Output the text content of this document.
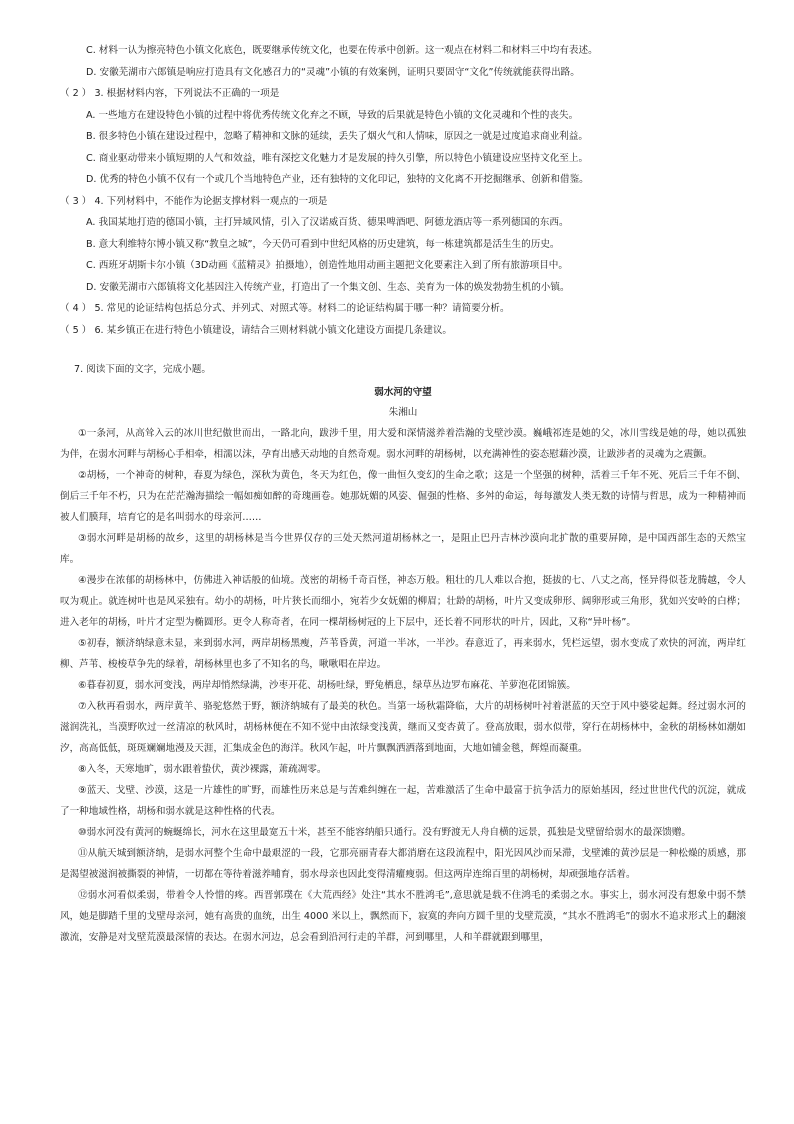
C. 材料一认为擦亮特色小镇文化底色，既要继承传统文化，也要在传承中创新。这一观点在材料二和材料三中均有表述。
D. 安徽芜湖市六郎镇是响应打造具有文化感召力的“灵魂”小镇的有效案例，证明只要固守“文化”传统就能获得出路。
（ 2 ） 3. 根据材料内容，下列说法不正确的一项是
A. 一些地方在建设特色小镇的过程中将优秀传统文化弃之不顾，导致的后果就是特色小镇的文化灵魂和个性的丧失。
B. 很多特色小镇在建设过程中，忽略了精神和文脉的延续，丢失了烟火气和人情味，原因之一就是过度追求商业利益。
C. 商业驱动带来小镇短期的人气和效益，唯有深挖文化魅力才是发展的持久引擎，所以特色小镇建设应坚持文化至上。
D. 优秀的特色小镇不仅有一个或几个当地特色产业，还有独特的文化印记，独特的文化离不开挖掘继承、创新和借鉴。
（ 3 ） 4. 下列材料中，不能作为论据支撑材料一观点的一项是
A. 我国某地打造的德国小镇，主打异域风情，引入了汉诺威百货、德果啤酒吧、阿德龙酒店等一系列德国的东西。
B. 意大利维特尔博小镇又称“教皇之城”，今天仍可看到中世纪风格的历史建筑，每一栋建筑都是活生生的历史。
C. 西班牙胡斯卡尔小镇（3D动画《蓝精灵》拍摄地），创造性地用动画主题把文化要素注入到了所有旅游项目中。
D. 安徽芜湖市六郎镇将文化基因注入传统产业，打造出了一个集文创、生态、美育为一体的焕发勃勃生机的小镇。
（ 4 ） 5. 常见的论证结构包括总分式、并列式、对照式等。材料二的论证结构属于哪一种？请简要分析。
（ 5 ） 6. 某乡镇正在进行特色小镇建设，请结合三则材料就小镇文化建设方面提几条建议。
7. 阅读下面的文字，完成小题。
弱水河的守望
朱湘山

①一条河，从高耸入云的冰川世纪傲世而出，一路北向，跋涉千里，用大爱和深情滋养着浩瀚的戈壁沙漠。巍峨祁连是她的父，冰川雪线是她的母，她以孤独为伴，在弱水河畔与胡杨心手相牵，相濡以沫，孕育出感天动地的自然奇观。弱水河畔的胡杨树，以充满神性的姿态慰藉沙漠，让跋涉者的灵魂为之震颤。

②胡杨，一个神奇的树种，春夏为绿色，深秋为黄色，冬天为红色，像一曲恒久变幻的生命之歌；这是一个坚强的树种，活着三千年不死、死后三千年不倒、倒后三千年不朽，只为在茫茫瀚海描绘一幅如痴如醉的奇瑰画卷。她那妩媚的风姿、倔强的性格、多舛的命运，每每激发人类无数的诗情与哲思，成为一种精神而被人们膜拜，培育它的是名叫弱水的母亲河……

③弱水河畔是胡杨的故乡，这里的胡杨林是当今世界仅存的三处天然河道胡杨林之一，是阻止巴丹吉林沙漠向北扩散的重要屏障，是中国西部生态的天然宝库。

④漫步在浓郁的胡杨林中，仿佛进入神话般的仙境。茂密的胡杨千奇百怪，神态万般。粗壮的几人难以合抱，挺拔的七、八丈之高，怪异得似苍龙腾越，令人叹为观止。就连树叶也是风采独有。幼小的胡杨，叶片狭长而细小，宛若少女妩媚的柳眉；壮龄的胡杨，叶片又变成卵形、阔卵形或三角形，犹如兴安岭的白桦；进入老年的胡杨，叶片才定型为椭圆形。更令人称奇者，在同一棵胡杨树冠的上下层中，还长着不同形状的叶片，因此，又称“异叶杨”。

⑤初春，额济纳绿意未显，来到弱水河，两岸胡杨黑瘦，芦苇昏黄，河道一半冰，一半沙。春意近了，再来弱水，凭栏远望，弱水变成了欢快的河流，两岸红柳、芦苇、梭梭草争先的绿着，胡杨林里也多了不知名的鸟，啾啾唱在岸边。

⑥暮春初夏，弱水河变浅，两岸却悄然绿满，沙枣开花、胡杨吐绿，野兔栖息，绿草丛边罗布麻花、羊萝泡花团锦簇。

⑦入秋再看弱水，两岸黄羊、骆驼悠然于野，额济纳城有了最美的秋色。当第一场秋霜降临，大片的胡杨树叶衬着湛蓝的天空于风中婆娑起舞。经过弱水河的滋润洗礼，当漠野吹过一丝清凉的秋风时，胡杨林便在不知不觉中由浓绿变浅黄，继而又变杏黄了。登高放眼，弱水似带，穿行在胡杨林中，金秋的胡杨林如潮如汐，高高低低，斑斑斓斓地漫及天涯，汇集成金色的海洋。秋风乍起，叶片飘飘洒洒落到地面，大地如铺金毯，辉煌而凝重。

⑧入冬，天寒地旷，弱水跟着蛰伏，黄沙裸露，萧疏凋零。

⑨蓝天、戈壁、沙漠，这是一片雄性的旷野，而雄性历来总是与苦难纠缠在一起，苦难激活了生命中最富于抗争活力的原始基因，经过世世代代的沉淀，就成了一种地域性格，胡杨和弱水就是这种性格的代表。

⑩弱水河没有黄河的蜿蜒绵长，河水在这里最宽五十米，甚至不能容纳船只通行。没有野渡无人舟自横的远景，孤独是戈壁留给弱水的最深馈赠。

⑪从航天城到额济纳，是弱水河整个生命中最艰涩的一段，它那亮丽青春大都消磨在这段流程中，阳光因风沙而呆滞，戈壁滩的黄沙层是一种松燥的质感，那是渴望被滋润被撕裂的神情，一切都在等待着滋养哺育，弱水母亲也因此变得清癯瘦弱。但这两岸连绵百里的胡杨树，却顽强地存活着。

⑫弱水河看似柔弱，带着令人怜惜的疼。西晋郭璞在《大荒西经》处注“其水不胜鸿毛”,意思就是载不住鸿毛的柔弱之水。事实上，弱水河没有想象中弱不禁风，她是脚踏千里的戈壁母亲河，她有高贵的血统，出生 4000 米以上，飘然而下，寂寞的奔向方圆千里的戈壁荒漠，“其水不胜鸿毛”的弱水不追求形式上的翻滚激流，安静是对戈壁荒漠最深情的表达。在弱水河边，总会看到沿河行走的羊群，河到哪里，人和羊群就跟到哪里，
